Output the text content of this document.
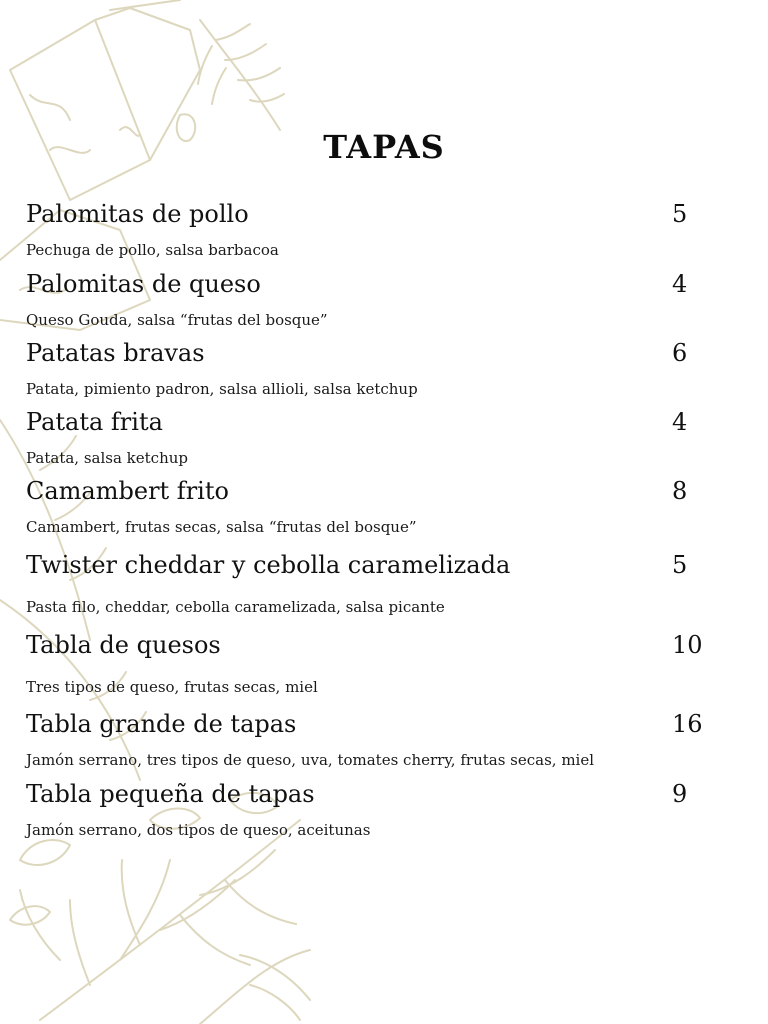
TAPAS
Palomitas de pollo	5
Pechuga de pollo, salsa barbacoa
Palomitas de queso	4
Queso Gouda, salsa “frutas del bosque”
Patatas bravas	6
Patata, pimiento padron, salsa allioli, salsa ketchup
Patata frita	4
Patata, salsa ketchup
Camambert frito	8
Camambert, frutas secas, salsa “frutas del bosque”
Twister cheddar y cebolla caramelizada	5
Pasta filo, cheddar, cebolla caramelizada, salsa picante
Tabla de quesos	10
Tres tipos de queso, frutas secas, miel
Tabla grande de tapas	16
Jamón serrano, tres tipos de queso, uva, tomates cherry, frutas secas, miel
Tabla pequeña de tapas	9
Jamón serrano, dos tipos de queso, aceitunas
